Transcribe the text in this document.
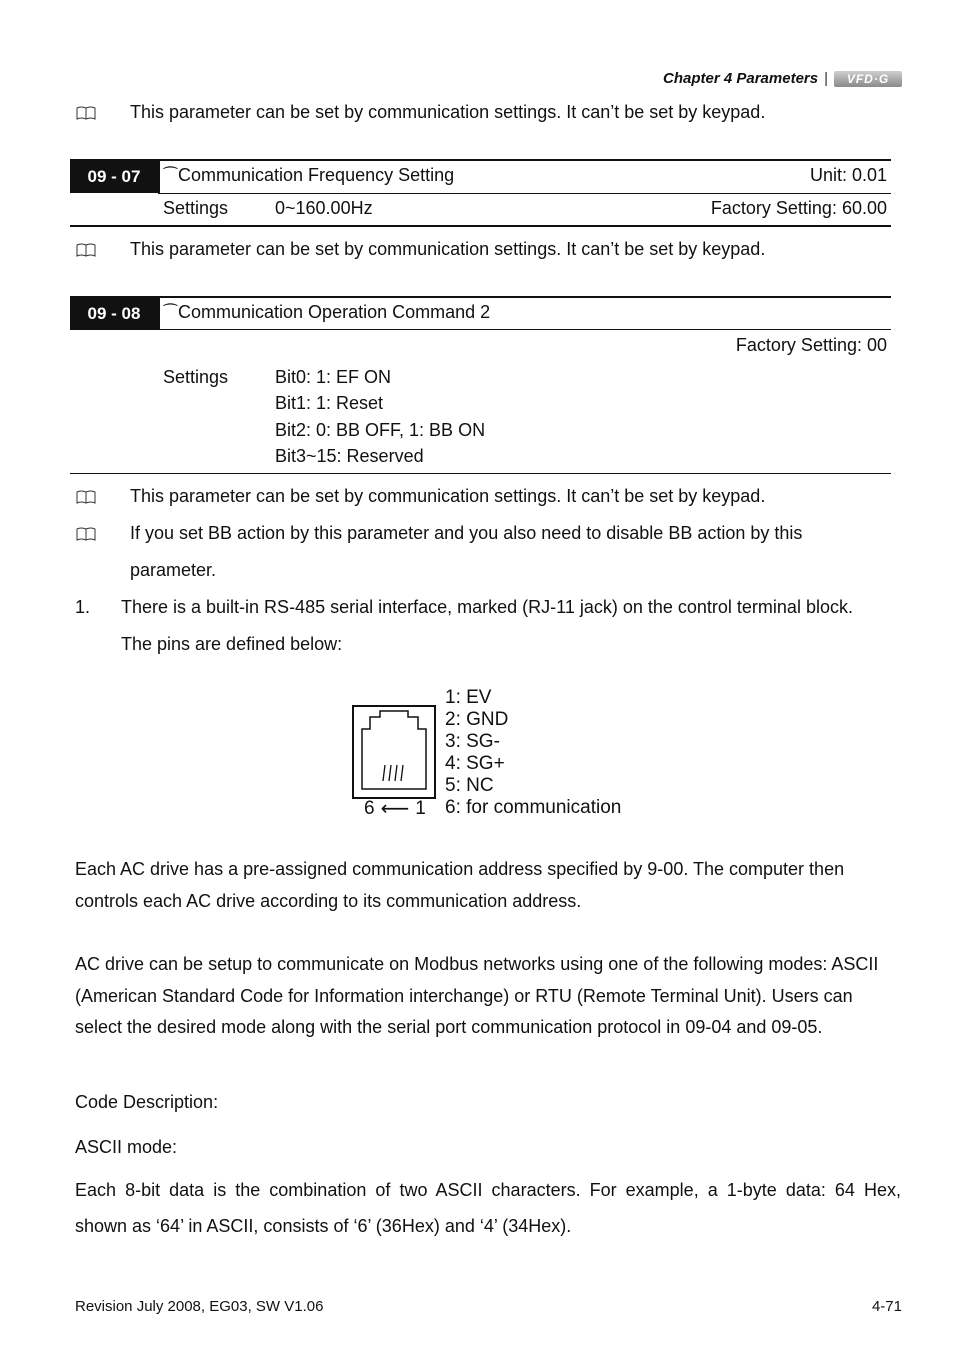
Chapter 4 Parameters |	VFD·G
This parameter can be set by communication settings. It can’t be set by keypad.
09 - 07	⁀Communication Frequency Setting	Unit: 0.01
Settings	0~160.00Hz	Factory Setting: 60.00
This parameter can be set by communication settings. It can’t be set by keypad.
09 - 08	⁀Communication Operation Command 2
Factory Setting: 00
Settings	Bit0: 1: EF ON
Bit1: 1: Reset
Bit2: 0: BB OFF, 1: BB ON
Bit3~15: Reserved
This parameter can be set by communication settings. It can’t be set by keypad.
If you set BB action by this parameter and you also need to disable BB action by this
parameter.
1. There is a built-in RS-485 serial interface, marked (RJ-11 jack) on the control terminal block.
The pins are defined below:
6 ⟵ 1
1: EV
2: GND
3: SG-
4: SG+
5: NC
6: for communication
Each AC drive has a pre-assigned communication address specified by 9-00. The computer then
controls each AC drive according to its communication address.
AC drive can be setup to communicate on Modbus networks using one of the following modes: ASCII
(American Standard Code for Information interchange) or RTU (Remote Terminal Unit). Users can
select the desired mode along with the serial port communication protocol in 09-04 and 09-05.
Code Description:
ASCII mode:
Each 8-bit data is the combination of two ASCII characters. For example, a 1-byte data: 64 Hex,
shown as ‘64’ in ASCII, consists of ‘6’ (36Hex) and ‘4’ (34Hex).
Revision July 2008, EG03, SW V1.06	4-71
